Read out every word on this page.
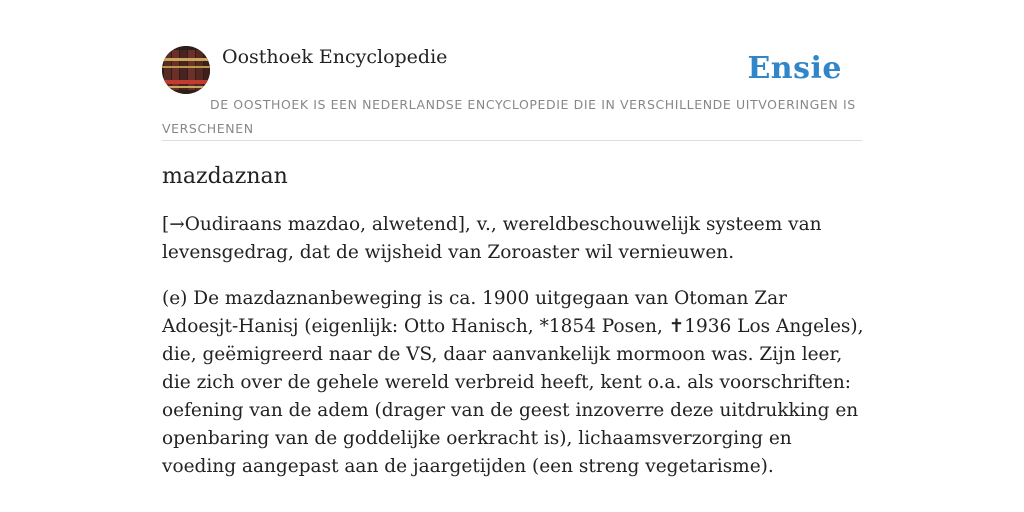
Oosthoek Encyclopedie	Ensie
DE OOSTHOEK IS EEN NEDERLANDSE ENCYCLOPEDIE DIE IN VERSCHILLENDE UITVOERINGEN IS VERSCHENEN
mazdaznan

[→Oudiraans mazdao, alwetend], v., wereldbeschouwelijk systeem van levensgedrag, dat de wijsheid van Zoroaster wil vernieuwen.

(e) De mazdaznanbeweging is ca. 1900 uitgegaan van Otoman Zar Adoesjt-Hanisj (eigenlijk: Otto Hanisch, *1854 Posen, ✝1936 Los Angeles), die, geëmigreerd naar de VS, daar aanvankelijk mormoon was. Zijn leer, die zich over de gehele wereld verbreid heeft, kent o.a. als voorschriften: oefening van de adem (drager van de geest inzoverre deze uitdrukking en openbaring van de goddelijke oerkracht is), lichaamsverzorging en voeding aangepast aan de jaargetijden (een streng vegetarisme).
